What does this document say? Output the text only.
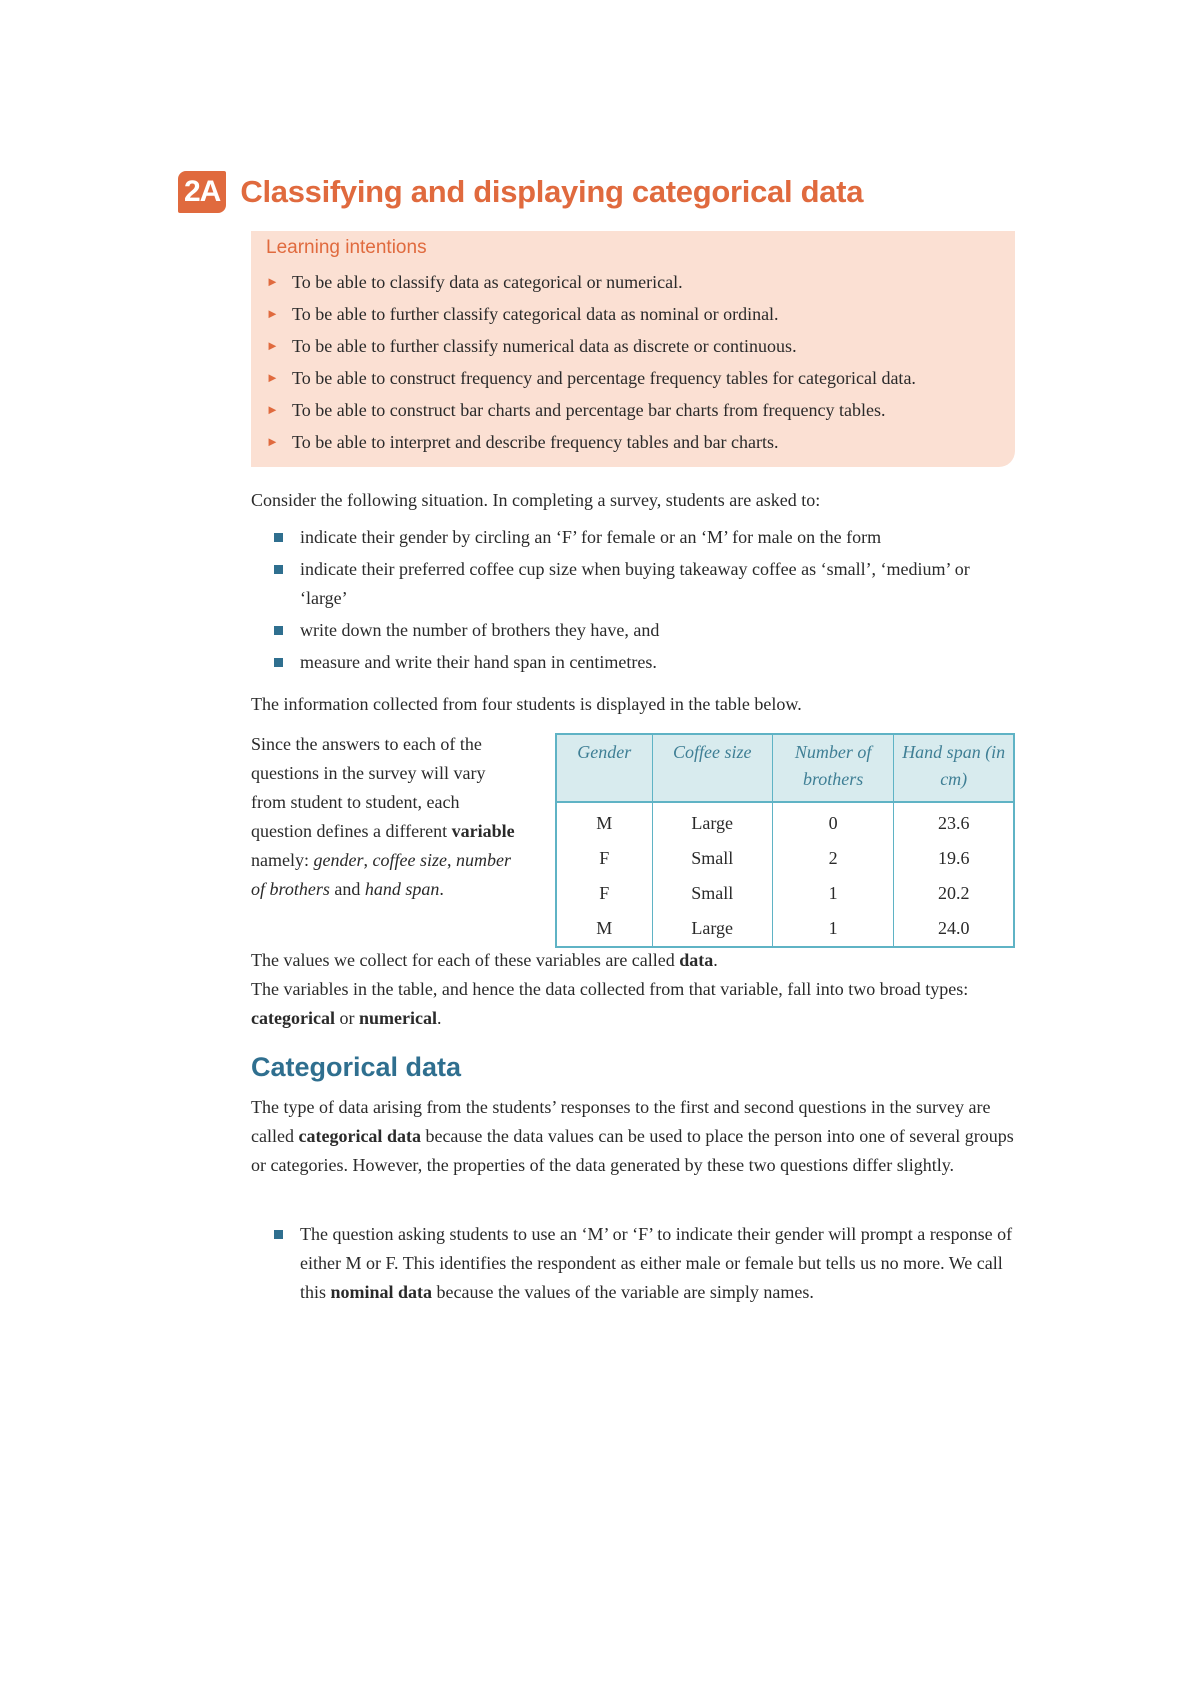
2A Classifying and displaying categorical data
Learning intentions
► To be able to classify data as categorical or numerical.
► To be able to further classify categorical data as nominal or ordinal.
► To be able to further classify numerical data as discrete or continuous.
► To be able to construct frequency and percentage frequency tables for categorical data.
► To be able to construct bar charts and percentage bar charts from frequency tables.
► To be able to interpret and describe frequency tables and bar charts.

Consider the following situation. In completing a survey, students are asked to:

indicate their gender by circling an ‘F’ for female or an ‘M’ for male on the form
indicate their preferred coffee cup size when buying takeaway coffee as ‘small’, ‘medium’ or ‘large’
write down the number of brothers they have, and
measure and write their hand span in centimetres.

The information collected from four students is displayed in the table below.

Since the answers to each of the questions in the survey will vary from student to student, each question defines a different variable namely: gender, coffee size, number of brothers and hand span.

Gender	Coffee size	Number of brothers	Hand span (in cm)
M	Large	0	23.6
F	Small	2	19.6
F	Small	1	20.2
M	Large	1	24.0

The values we collect for each of these variables are called data.
The variables in the table, and hence the data collected from that variable, fall into two broad types: categorical or numerical.

Categorical data

The type of data arising from the students’ responses to the first and second questions in the survey are called categorical data because the data values can be used to place the person into one of several groups or categories. However, the properties of the data generated by these two questions differ slightly.

The question asking students to use an ‘M’ or ‘F’ to indicate their gender will prompt a response of either M or F. This identifies the respondent as either male or female but tells us no more. We call this nominal data because the values of the variable are simply names.
